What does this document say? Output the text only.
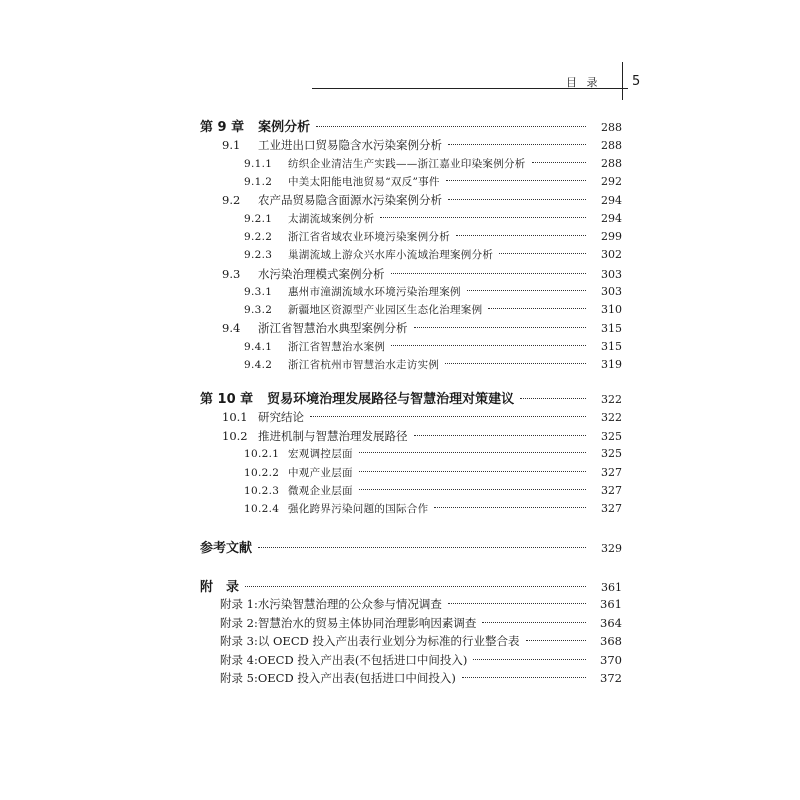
目 录 5
第 9 章 案例分析	288
9.1	工业进出口贸易隐含水污染案例分析	288
9.1.1	纺织企业清洁生产实践——浙江嘉业印染案例分析	288
9.1.2	中美太阳能电池贸易“双反”事件	292
9.2	农产品贸易隐含面源水污染案例分析	294
9.2.1	太湖流域案例分析	294
9.2.2	浙江省省域农业环境污染案例分析	299
9.2.3	巢湖流域上游众兴水库小流域治理案例分析	302
9.3	水污染治理模式案例分析	303
9.3.1	惠州市潼湖流域水环境污染治理案例	303
9.3.2	新疆地区资源型产业园区生态化治理案例	310
9.4	浙江省智慧治水典型案例分析	315
9.4.1	浙江省智慧治水案例	315
9.4.2	浙江省杭州市智慧治水走访实例	319
第 10 章 贸易环境治理发展路径与智慧治理对策建议	322
10.1 研究结论	322
10.2 推进机制与智慧治理发展路径	325
10.2.1 宏观调控层面	325
10.2.2 中观产业层面	327
10.2.3 微观企业层面	327
10.2.4 强化跨界污染问题的国际合作	327
参考文献	329
附　录	361
附录 1:水污染智慧治理的公众参与情况调查	361
附录 2:智慧治水的贸易主体协同治理影响因素调查	364
附录 3:以 OECD 投入产出表行业划分为标准的行业整合表	368
附录 4:OECD 投入产出表(不包括进口中间投入)	370
附录 5:OECD 投入产出表(包括进口中间投入)	372
